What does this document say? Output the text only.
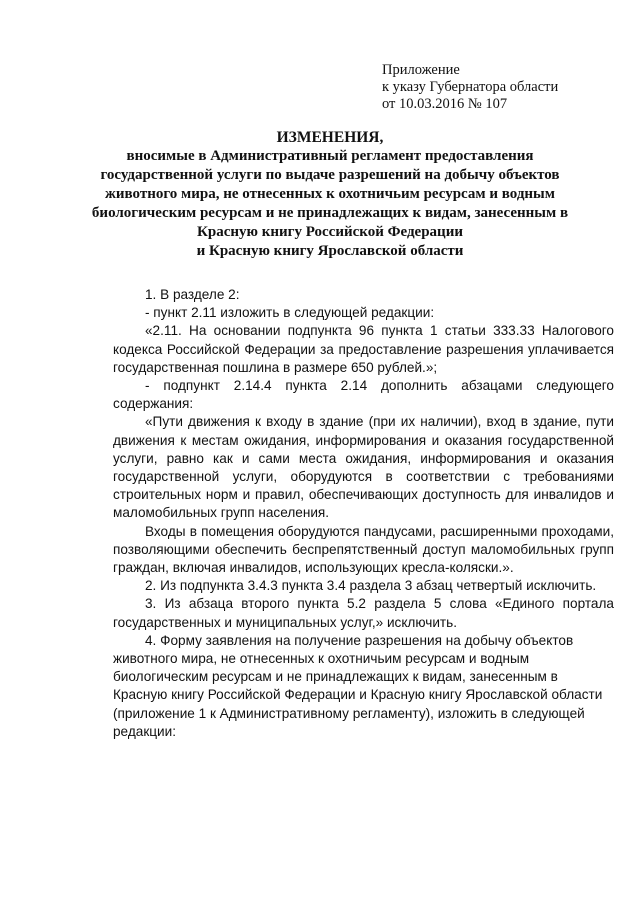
Приложение
к указу Губернатора области
от 10.03.2016 № 107
ИЗМЕНЕНИЯ,
вносимые в Административный регламент предоставления
государственной услуги по выдаче разрешений на добычу объектов
животного мира, не отнесенных к охотничьим ресурсам и водным
биологическим ресурсам и не принадлежащих к видам, занесенным в
Красную книгу Российской Федерации
и Красную книгу Ярославской области

1. В разделе 2:

- пункт 2.11 изложить в следующей редакции:

«2.11. На основании подпункта 96 пункта 1 статьи 333.33 Налогового кодекса Российской Федерации за предоставление разрешения уплачивается государственная пошлина в размере 650 рублей.»;

- подпункт 2.14.4 пункта 2.14 дополнить абзацами следующего содержания:

«Пути движения к входу в здание (при их наличии), вход в здание, пути движения к местам ожидания, информирования и оказания государственной услуги, равно как и сами места ожидания, информирования и оказания государственной услуги, оборудуются в соответствии с требованиями строительных норм и правил, обеспечивающих доступность для инвалидов и маломобильных групп населения.

Входы в помещения оборудуются пандусами, расширенными проходами, позволяющими обеспечить беспрепятственный доступ маломобильных групп граждан, включая инвалидов, использующих кресла-коляски.».

2. Из подпункта 3.4.3 пункта 3.4 раздела 3 абзац четвертый исключить.

3. Из абзаца второго пункта 5.2 раздела 5 слова «Единого портала государственных и муниципальных услуг,» исключить.

4. Форму заявления на получение разрешения на добычу объектов животного мира, не отнесенных к охотничьим ресурсам и водным биологическим ресурсам и не принадлежащих к видам, занесенным в Красную книгу Российской Федерации и Красную книгу Ярославской области (приложение 1 к Административному регламенту), изложить в следующей редакции:
